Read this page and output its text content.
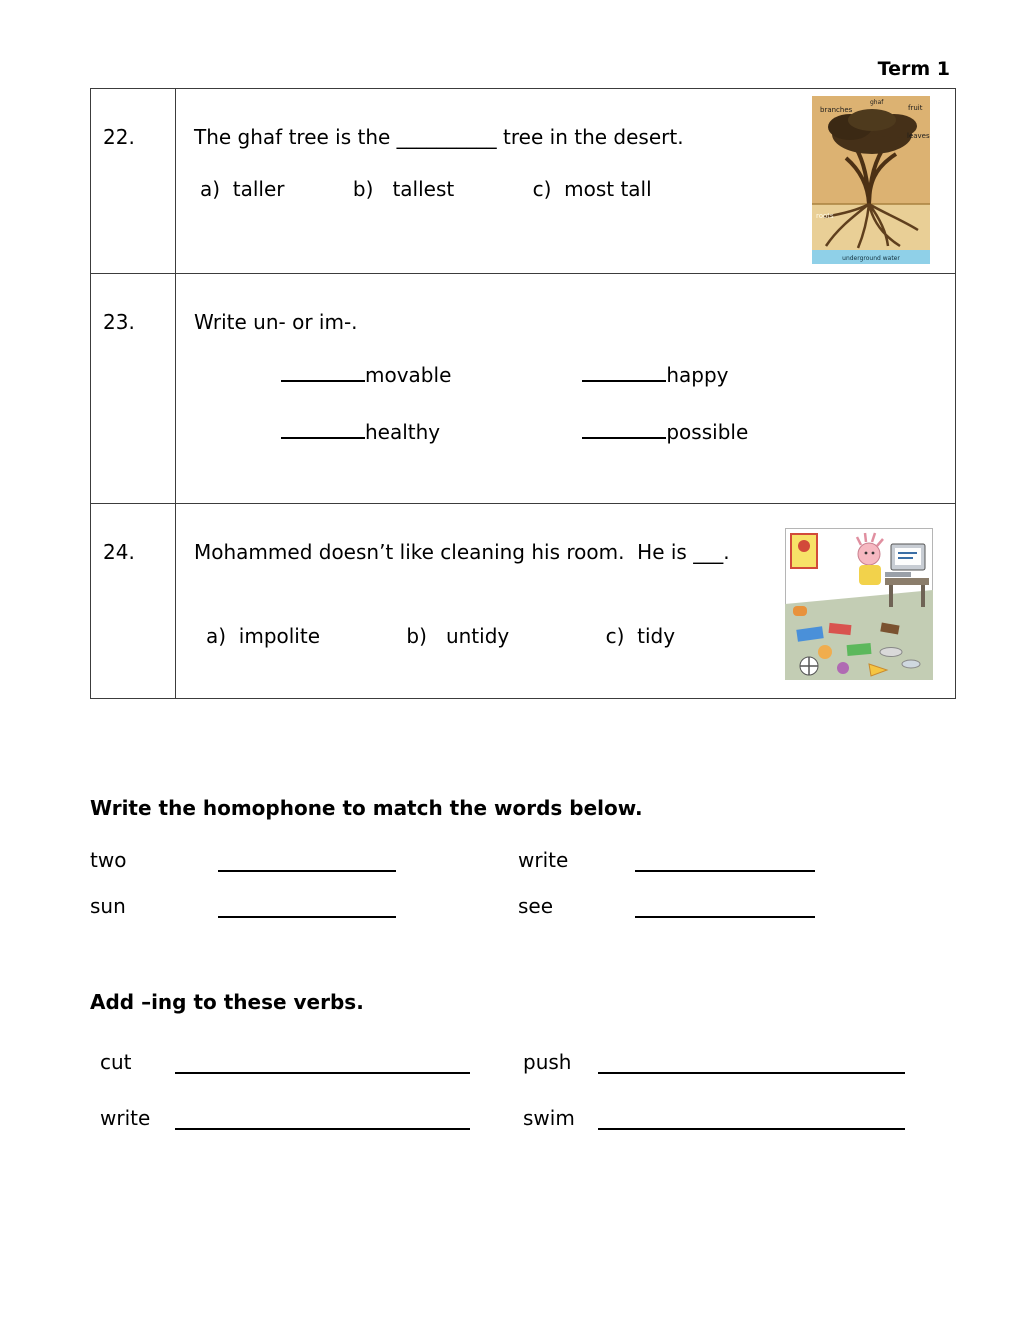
Term 1
22.	The ghaf tree is the __________ tree in the desert.
a)  taller	b)   tallest	c)  most tall
branches	fruit
leaves
ghaf
roots
underground water

23.	Write un- or im-.
movable happy
healthy possible

24.	Mohammed doesn’t like cleaning his room.  He is ___.
a)  impolite b)   untidy c)  tidy
Write the homophone to match the words below.
two	write
sun	see
Add –ing to these verbs.
cut	push
write	swim
